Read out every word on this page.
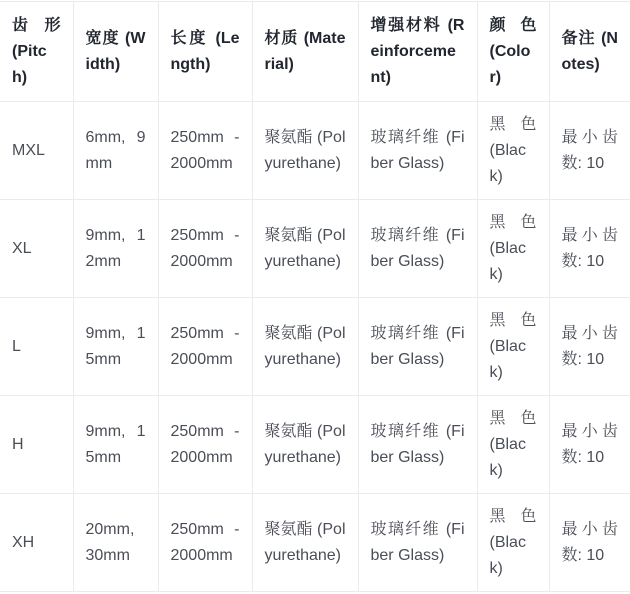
齿形 (Pitch)	宽度 (Width)	长度 (Length)	材质 (Material)	增强材料 (Reinforcement)	颜色 (Color)	备注 (Notes)
MXL	6mm, 9mm	250mm - 2000mm	聚氨酯 (Polyurethane)	玻璃纤维 (Fiber Glass)	黑色 (Black)	最小齿数: 10
XL	9mm, 12mm	250mm - 2000mm	聚氨酯 (Polyurethane)	玻璃纤维 (Fiber Glass)	黑色 (Black)	最小齿数: 10
L	9mm, 15mm	250mm - 2000mm	聚氨酯 (Polyurethane)	玻璃纤维 (Fiber Glass)	黑色 (Black)	最小齿数: 10
H	9mm, 15mm	250mm - 2000mm	聚氨酯 (Polyurethane)	玻璃纤维 (Fiber Glass)	黑色 (Black)	最小齿数: 10
XH	20mm, 30mm	250mm - 2000mm	聚氨酯 (Polyurethane)	玻璃纤维 (Fiber Glass)	黑色 (Black)	最小齿数: 10
